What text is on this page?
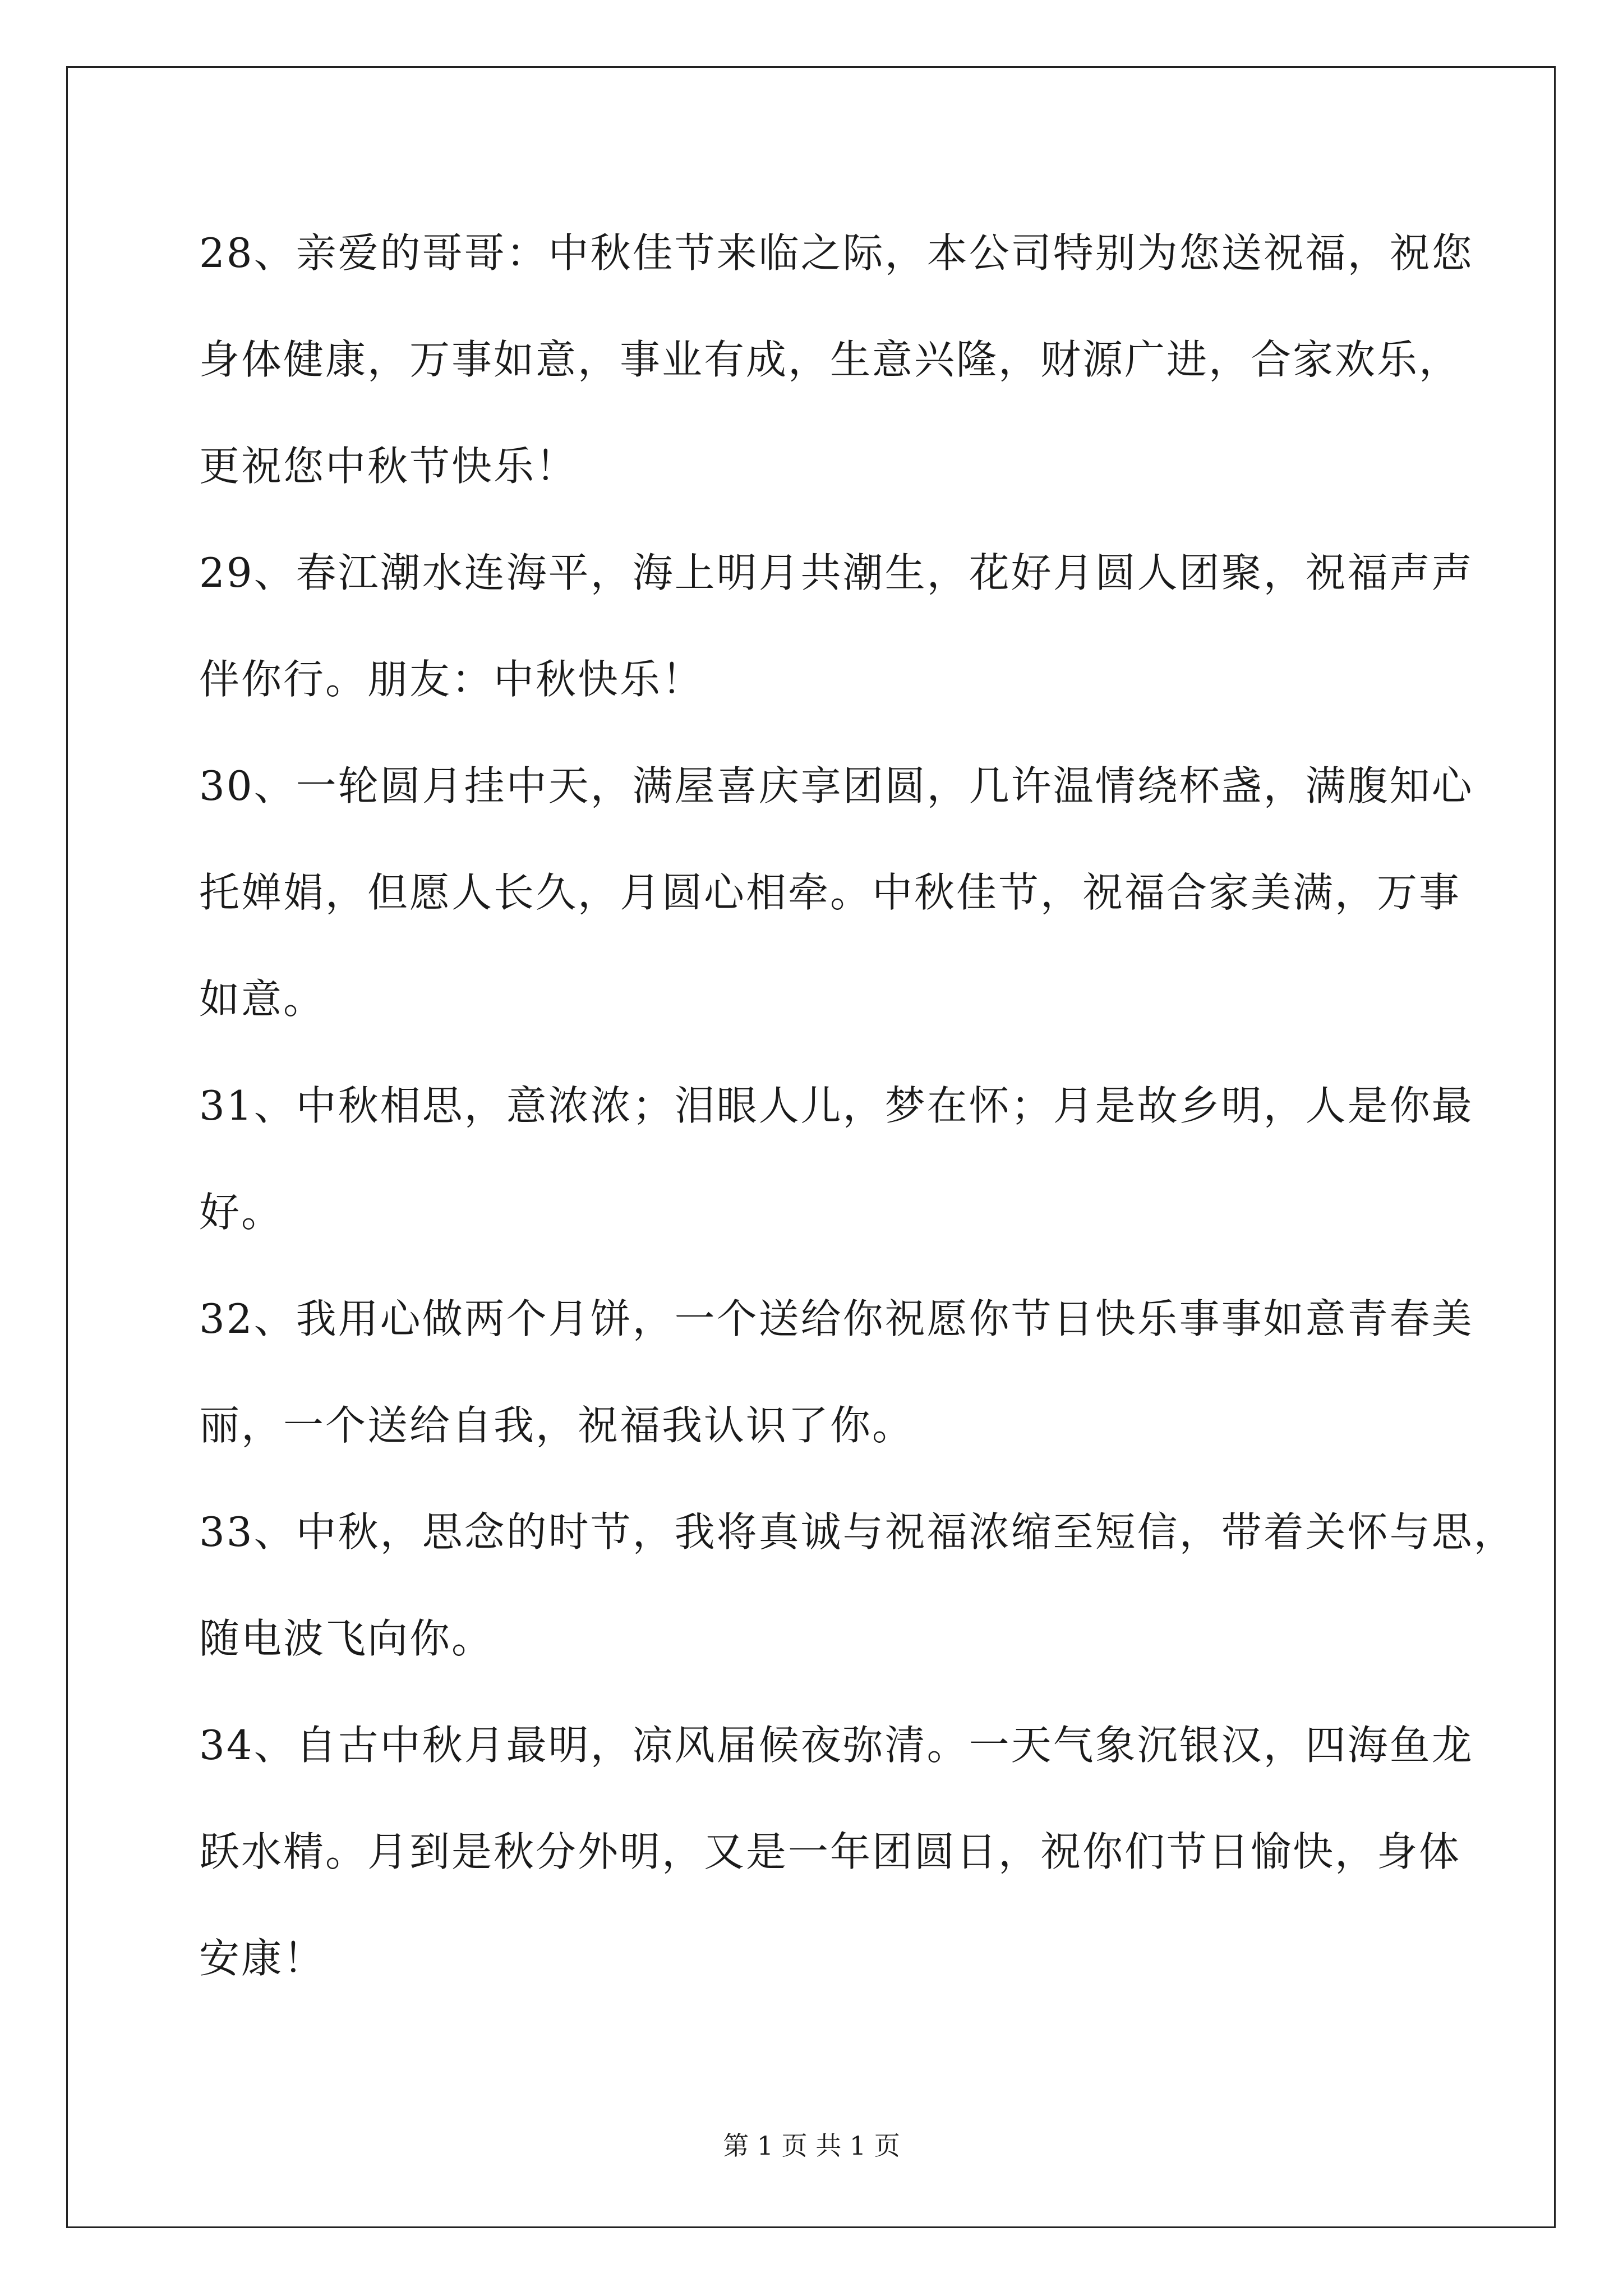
28、亲爱的哥哥：中秋佳节来临之际，本公司特别为您送祝福，祝您
身体健康，万事如意，事业有成，生意兴隆，财源广进，合家欢乐，
更祝您中秋节快乐！
29、春江潮水连海平，海上明月共潮生，花好月圆人团聚，祝福声声
伴你行。朋友：中秋快乐！
30、一轮圆月挂中天，满屋喜庆享团圆，几许温情绕杯盏，满腹知心
托婵娟，但愿人长久，月圆心相牵。中秋佳节，祝福合家美满，万事
如意。
31、中秋相思，意浓浓；泪眼人儿，梦在怀；月是故乡明，人是你最
好。
32、我用心做两个月饼，一个送给你祝愿你节日快乐事事如意青春美
丽，一个送给自我，祝福我认识了你。
33、中秋，思念的时节，我将真诚与祝福浓缩至短信，带着关怀与思，
随电波飞向你。
34、自古中秋月最明，凉风届候夜弥清。一天气象沉银汉，四海鱼龙
跃水精。月到是秋分外明，又是一年团圆日，祝你们节日愉快，身体
安康！
第 1 页 共 1 页
